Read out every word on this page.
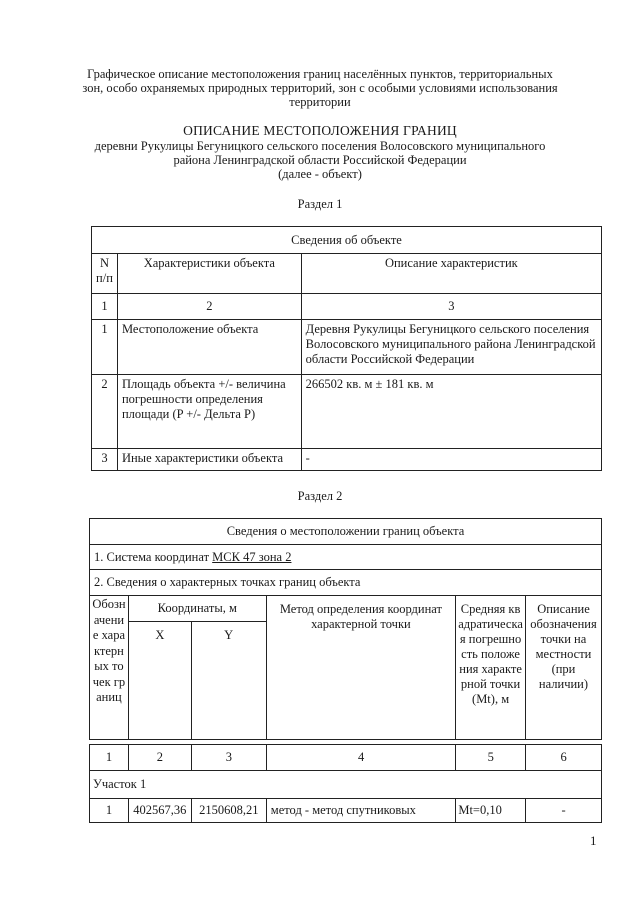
Графическое описание местоположения границ населённых пунктов, территориальных
зон, особо охраняемых природных территорий, зон с особыми условиями использования
территории
ОПИСАНИЕ МЕСТОПОЛОЖЕНИЯ ГРАНИЦ
деревни Рукулицы Бегуницкого сельского поселения Волосовского муниципального
района Ленинградской области Российской Федерации
(далее - объект)
Раздел 1
Сведения об объекте		
N п/п	Характеристики объекта	Описание характеристик
1	2	3
1	Местоположение объекта	Деревня Рукулицы Бегуницкого сельского поселения Волосовского муниципального района Ленинградской области Российской Федерации
2	Площадь объекта +/- величина погрешности определения площади (P +/- Дельта P)	266502 кв. м ± 181 кв. м
3	Иные характеристики объекта	-
Раздел 2
Сведения о местоположении границ объекта
1. Система координат МСК 47 зона 2
2. Сведения о характерных точках границ объекта
Обозначение характерных точек границ	Координаты, м		Метод определения координат характерной точки	Средняя квадратическая погрешность положения характерной точки (Mt), м	Описание обозначения точки на местности (при наличии)
	X	Y			
1	2	3	4	5	6
Участок 1					
1	402567,36	2150608,21	метод - метод спутниковых	Mt=0,10	-
1
